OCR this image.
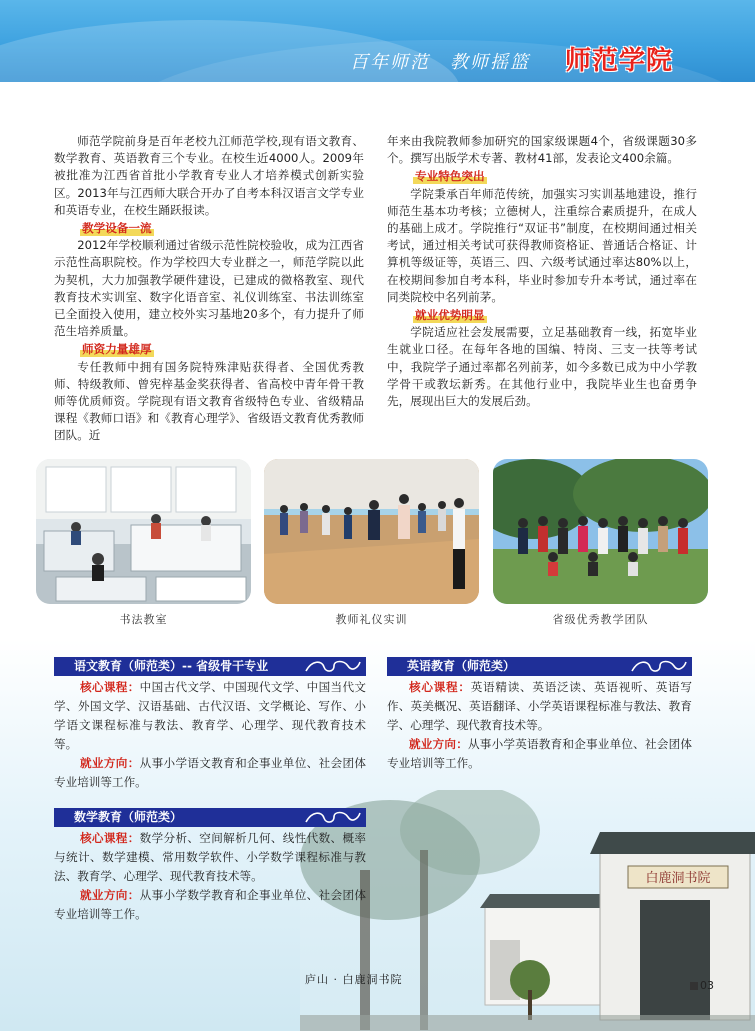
百年师范 教师摇篮	师范学院

师范学院前身是百年老校九江师范学校,现有语文教育、数学教育、英语教育三个专业。在校生近4000人。2009年被批准为江西省首批小学教育专业人才培养模式创新实验区。2013年与江西师大联合开办了自考本科汉语言文学专业和英语专业，在校生踊跃报读。

教学设备一流

2012年学校顺利通过省级示范性院校验收，成为江西省示范性高职院校。作为学校四大专业群之一，师范学院以此为契机，大力加强教学硬件建设，已建成的微格教室、现代教育技术实训室、数字化语音室、礼仪训练室、书法训练室已全面投入使用，建立校外实习基地20多个，有力提升了师范生培养质量。

师资力量雄厚

专任教师中拥有国务院特殊津贴获得者、全国优秀教师、特级教师、曾宪梓基金奖获得者、省高校中青年骨干教师等优质师资。学院现有语文教育省级特色专业、省级精品课程《教师口语》和《教育心理学》、省级语文教育优秀教师团队。近

年来由我院教师参加研究的国家级课题4个，省级课题30多个。撰写出版学术专著、教材41部，发表论文400余篇。

专业特色突出

学院秉承百年师范传统，加强实习实训基地建设，推行师范生基本功考核；立德树人，注重综合素质提升，在成人的基础上成才。学院推行“双证书”制度，在校期间通过相关考试，通过相关考试可获得教师资格证、普通话合格证、计算机等级证等，英语三、四、六级考试通过率达80%以上，在校期间参加自考本科，毕业时参加专升本考试，通过率在同类院校中名列前茅。

就业优势明显

学院适应社会发展需要，立足基础教育一线，拓宽毕业生就业口径。在每年各地的国编、特岗、三支一扶等考试中，我院学子通过率都名列前茅，如今多数已成为中小学教学骨干或教坛新秀。在其他行业中，我院毕业生也奋勇争先，展现出巨大的发展后劲。

书法教室	教师礼仪实训	省级优秀教学团队
白鹿洞书院
语文教育（师范类）-- 省级骨干专业

核心课程：中国古代文学、中国现代文学、中国当代文学、外国文学、汉语基础、古代汉语、文学概论、写作、小学语文课程标准与教法、教育学、心理学、现代教育技术等。

就业方向：从事小学语文教育和企事业单位、社会团体专业培训等工作。

英语教育（师范类）

核心课程：英语精读、英语泛读、英语视听、英语写作、英美概况、英语翻译、小学英语课程标准与教法、教育学、心理学、现代教育技术等。

就业方向：从事小学英语教育和企事业单位、社会团体专业培训等工作。

数学教育（师范类）

核心课程：数学分析、空间解析几何、线性代数、概率与统计、数学建模、常用数学软件、小学数学课程标准与教法、教育学、心理学、现代教育技术等。

就业方向：从事小学数学教育和企事业单位、社会团体专业培训等工作。

庐山 · 白鹿洞书院	03
